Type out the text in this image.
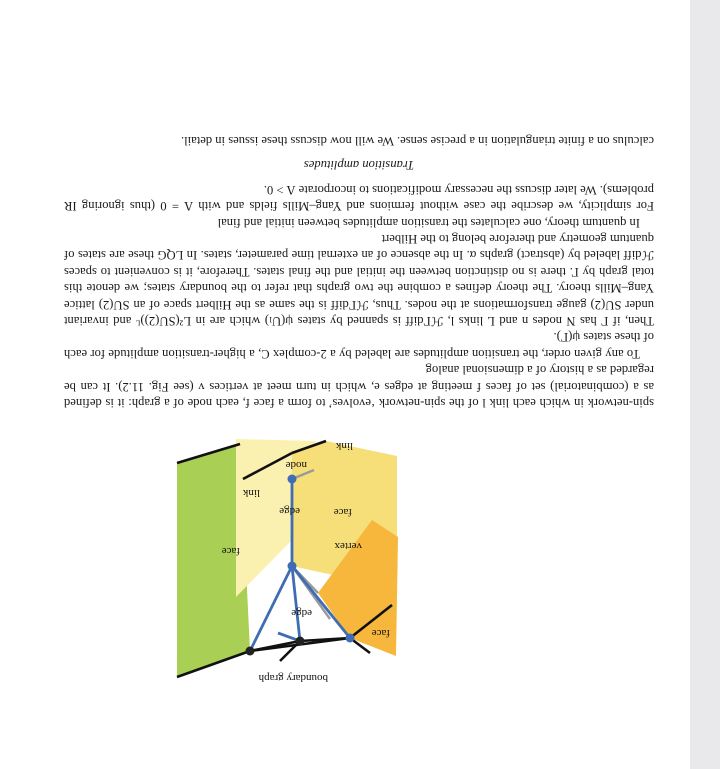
boundary graph
face
face
face
vertex
edge
edge
node
link
link

spin-network in which each link l of the spin-network ‘evolves’ to form a face f, each node of a graph: it is defined as a (combinatorial) set of faces f meeting at edges e, which in turn meet at vertices v (see Fig. 11.2). It can be regarded as a history of a dimensional analog

To any given order, the transition amplitudes are labeled by a 2-complex C, a higher-transition amplitude for each of these states ψ(Γ).

Then, if Γ has N nodes n and L links l, ℋΓdiff is spanned by states ψ(Uₗ) which are in L²(SU(2))ᴸ and invariant under SU(2) gauge transformations at the nodes. Thus, ℋΓdiff is the same as the Hilbert space of an SU(2) lattice Yang–Mills theory. The theory defines a combine the two graphs that refer to the boundary states; we denote this total graph by Γ. there is no distinction between the initial and the final states. Therefore, it is convenient to spaces ℋdiff labeled by (abstract) graphs α. In the absence of an external time parameter, states. In LQG these are states of quantum geometry and therefore belong to the Hilbert

In quantum theory, one calculates the transition amplitudes between initial and final

For simplicity, we describe the case without fermions and Yang–Mills fields and with Λ = 0 (thus ignoring IR problems). We later discuss the necessary modifications to incorporate Λ > 0.

Transition amplitudes

calculus on a finite triangulation in a precise sense. We will now discuss these issues in detail.
